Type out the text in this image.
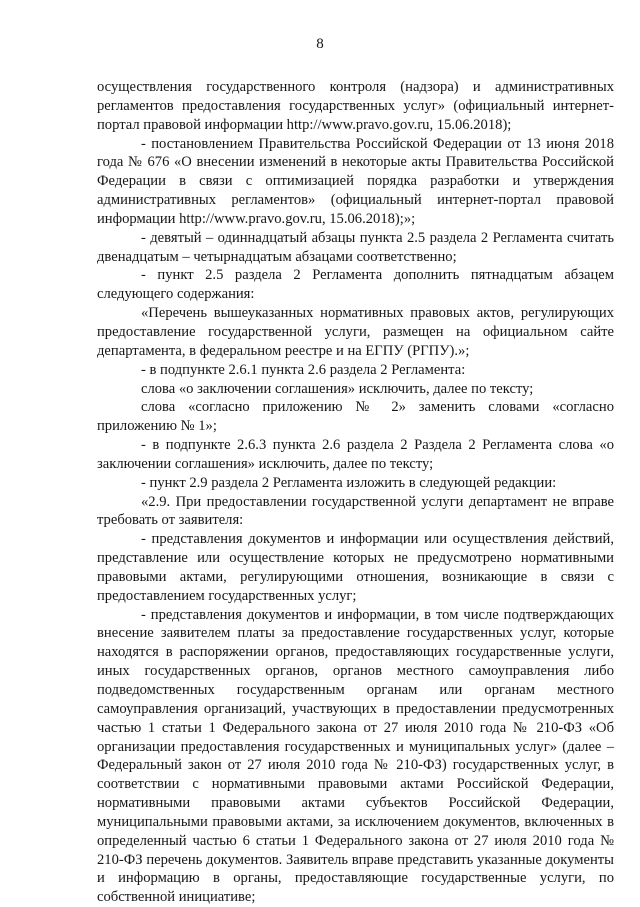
8

осуществления государственного контроля (надзора) и административных регламентов предоставления государственных услуг» (официальный интернет-портал правовой информации http://www.pravo.gov.ru, 15.06.2018);

- постановлением Правительства Российской Федерации от 13 июня 2018 года № 676 «О внесении изменений в некоторые акты Правительства Российской Федерации в связи с оптимизацией порядка разработки и утверждения административных регламентов» (официальный интернет-портал правовой информации http://www.pravo.gov.ru, 15.06.2018);»;

- девятый – одиннадцатый абзацы пункта 2.5 раздела 2 Регламента считать двенадцатым – четырнадцатым абзацами соответственно;

- пункт 2.5 раздела 2 Регламента дополнить пятнадцатым абзацем следующего содержания:

«Перечень вышеуказанных нормативных правовых актов, регулирующих предоставление государственной услуги, размещен на официальном сайте департамента, в федеральном реестре и на ЕГПУ (РГПУ).»;

- в подпункте 2.6.1 пункта 2.6 раздела 2 Регламента:

слова «о заключении соглашения» исключить, далее по тексту;

слова «согласно приложению № 2» заменить словами «согласно приложению № 1»;

- в подпункте 2.6.3 пункта 2.6 раздела 2 Раздела 2 Регламента слова «о заключении соглашения» исключить, далее по тексту;

- пункт 2.9 раздела 2 Регламента изложить в следующей редакции:

«2.9. При предоставлении государственной услуги департамент не вправе требовать от заявителя:

- представления документов и информации или осуществления действий, представление или осуществление которых не предусмотрено нормативными правовыми актами, регулирующими отношения, возникающие в связи с предоставлением государственных услуг;

- представления документов и информации, в том числе подтверждающих внесение заявителем платы за предоставление государственных услуг, которые находятся в распоряжении органов, предоставляющих государственные услуги, иных государственных органов, органов местного самоуправления либо подведомственных государственным органам или органам местного самоуправления организаций, участвующих в предоставлении предусмотренных частью 1 статьи 1 Федерального закона от 27 июля 2010 года № 210-ФЗ «Об организации предоставления государственных и муниципальных услуг» (далее – Федеральный закон от 27 июля 2010 года № 210-ФЗ) государственных услуг, в соответствии с нормативными правовыми актами Российской Федерации, нормативными правовыми актами субъектов Российской Федерации, муниципальными правовыми актами, за исключением документов, включенных в определенный частью 6 статьи 1 Федерального закона от 27 июля 2010 года № 210-ФЗ перечень документов. Заявитель вправе представить указанные документы и информацию в органы, предоставляющие государственные услуги, по собственной инициативе;
